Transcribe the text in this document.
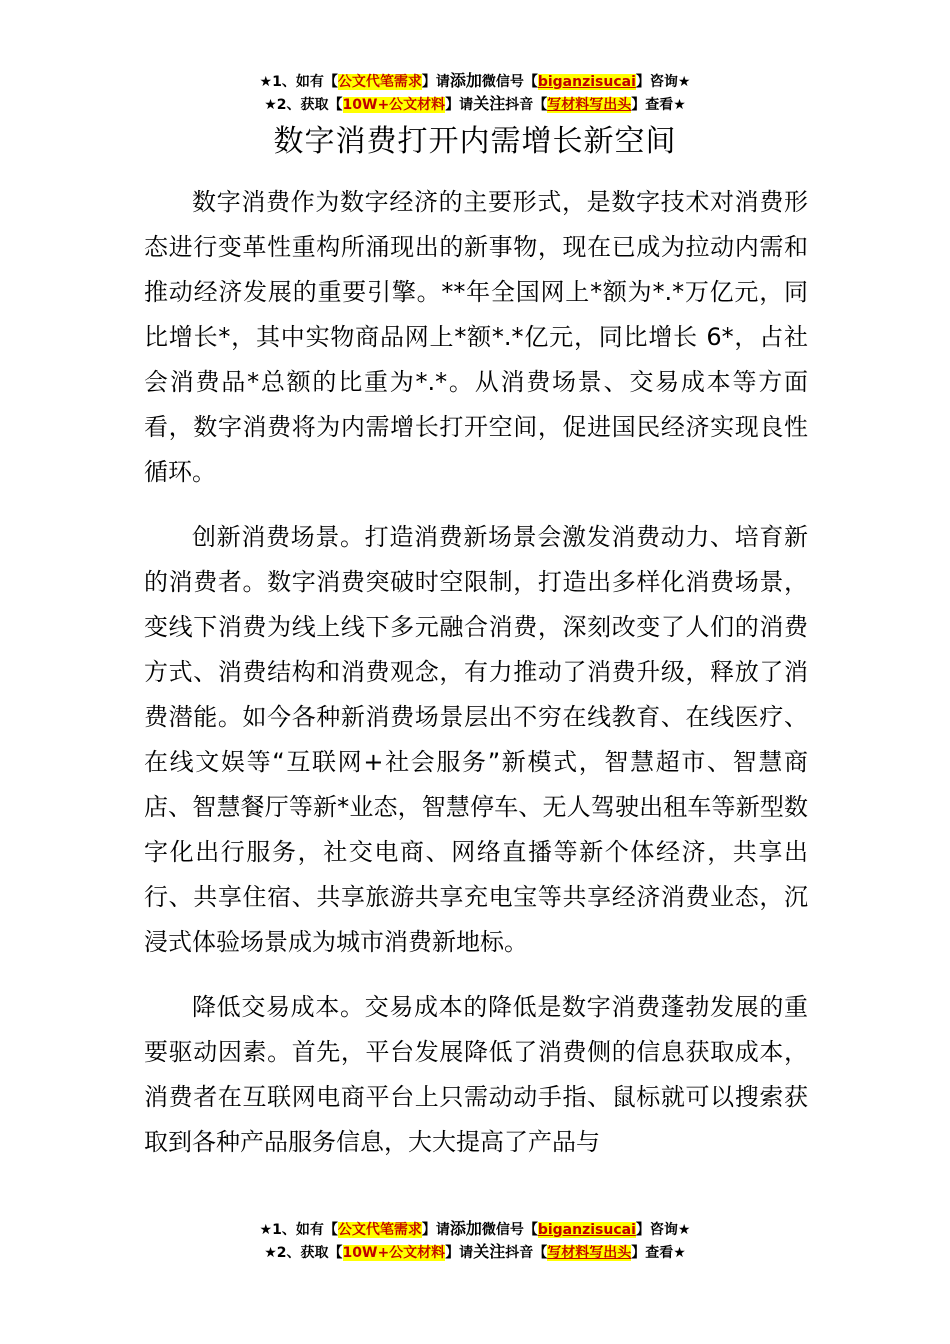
★1、如有【公文代笔需求】请添加微信号【biganzisucai】咨询★
★2、获取【10W+公文材料】请关注抖音【写材料写出头】查看★
数字消费打开内需增长新空间

数字消费作为数字经济的主要形式，是数字技术对消费形态进行变革性重构所涌现出的新事物，现在已成为拉动内需和推动经济发展的重要引擎。**年全国网上*额为*.*万亿元，同比增长*，其中实物商品网上*额*.*亿元，同比增长 6*，占社会消费品*总额的比重为*.*。从消费场景、交易成本等方面看，数字消费将为内需增长打开空间，促进国民经济实现良性循环。

创新消费场景。打造消费新场景会激发消费动力、培育新的消费者。数字消费突破时空限制，打造出多样化消费场景，变线下消费为线上线下多元融合消费，深刻改变了人们的消费方式、消费结构和消费观念，有力推动了消费升级，释放了消费潜能。如今各种新消费场景层出不穷在线教育、在线医疗、在线文娱等“互联网+社会服务”新模式，智慧超市、智慧商店、智慧餐厅等新*业态，智慧停车、无人驾驶出租车等新型数字化出行服务，社交电商、网络直播等新个体经济，共享出行、共享住宿、共享旅游共享充电宝等共享经济消费业态，沉浸式体验场景成为城市消费新地标。

降低交易成本。交易成本的降低是数字消费蓬勃发展的重要驱动因素。首先，平台发展降低了消费侧的信息获取成本，消费者在互联网电商平台上只需动动手指、鼠标就可以搜索获取到各种产品服务信息，大大提高了产品与

★1、如有【公文代笔需求】请添加微信号【biganzisucai】咨询★
★2、获取【10W+公文材料】请关注抖音【写材料写出头】查看★
